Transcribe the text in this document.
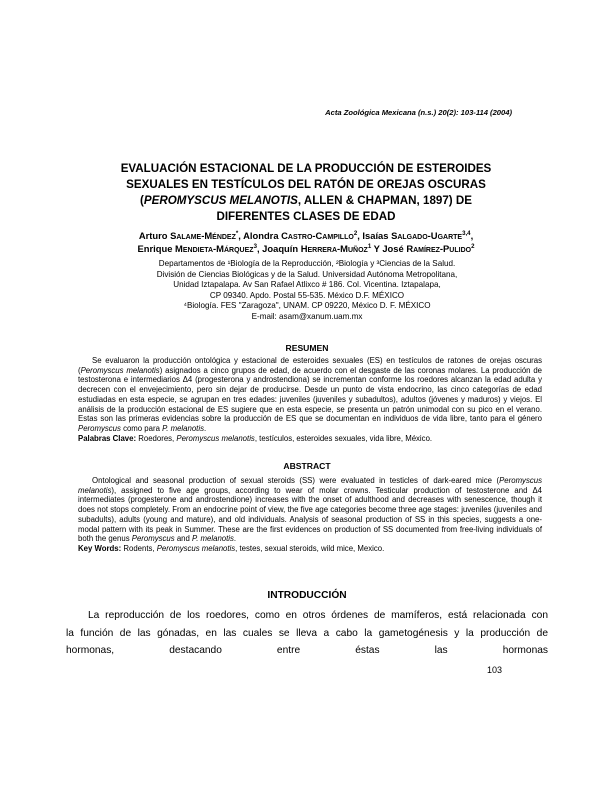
Acta Zoológica Mexicana (n.s.) 20(2): 103-114 (2004)
EVALUACIÓN ESTACIONAL DE LA PRODUCCIÓN DE ESTEROIDES
SEXUALES EN TESTÍCULOS DEL RATÓN DE OREJAS OSCURAS
(PEROMYSCUS MELANOTIS, ALLEN & CHAPMAN, 1897) DE
DIFERENTES CLASES DE EDAD
Arturo Salame-Méndez*, Alondra Castro-Campillo$^2$, Isaías Salgado-Ugarte$^{3,4}$,
Enrique Mendieta-Márquez$^3$, Joaquín Herrera-Muñoz$^1$ Y José Ramírez-Pulido$^2$
Departamentos de ¹Biología de la Reproducción, ²Biología y ³Ciencias de la Salud.
División de Ciencias Biológicas y de la Salud. Universidad Autónoma Metropolitana,
Unidad Iztapalapa. Av San Rafael Atlixco # 186. Col. Vicentina. Iztapalapa,
CP 09340. Apdo. Postal 55-535. México D.F. MÉXICO
⁴Biología. FES "Zaragoza", UNAM. CP 09220, México D. F. MÉXICO
E-mail: asam@xanum.uam.mx
RESUMEN

Se evaluaron la producción ontológica y estacional de esteroides sexuales (ES) en testículos de ratones de orejas oscuras (Peromyscus melanotis) asignados a cinco grupos de edad, de acuerdo con el desgaste de las coronas molares. La producción de testosterona e intermediarios Δ4 (progesterona y androstendiona) se incrementan conforme los roedores alcanzan la edad adulta y decrecen con el envejecimiento, pero sin dejar de producirse. Desde un punto de vista endocrino, las cinco categorías de edad estudiadas en esta especie, se agrupan en tres edades: juveniles (juveniles y subadultos), adultos (jóvenes y maduros) y viejos. El análisis de la producción estacional de ES sugiere que en esta especie, se presenta un patrón unimodal con su pico en el verano. Estas son las primeras evidencias sobre la producción de ES que se documentan en individuos de vida libre, tanto para el género Peromyscus como para P. melanotis.

Palabras Clave: Roedores, Peromyscus melanotis, testículos, esteroides sexuales, vida libre, México.

ABSTRACT

Ontological and seasonal production of sexual steroids (SS) were evaluated in testicles of dark-eared mice (Peromyscus melanotis), assigned to five age groups, according to wear of molar crowns. Testicular production of testosterone and Δ4 intermediates (progesterone and androstendione) increases with the onset of adulthood and decreases with senescence, though it does not stops completely. From an endocrine point of view, the five age categories become three age stages: juveniles (juveniles and subadults), adults (young and mature), and old individuals. Analysis of seasonal production of SS in this species, suggests a one-modal pattern with its peak in Summer. These are the first evidences on production of SS documented from free-living individuals of both the genus Peromyscus and P. melanotis.

Key Words: Rodents, Peromyscus melanotis, testes, sexual steroids, wild mice, Mexico.

INTRODUCCIÓN

La reproducción de los roedores, como en otros órdenes de mamíferos, está relacionada con la función de las gónadas, en las cuales se lleva a cabo la gametogénesis y la producción de hormonas, destacando entre éstas las hormonas

103
